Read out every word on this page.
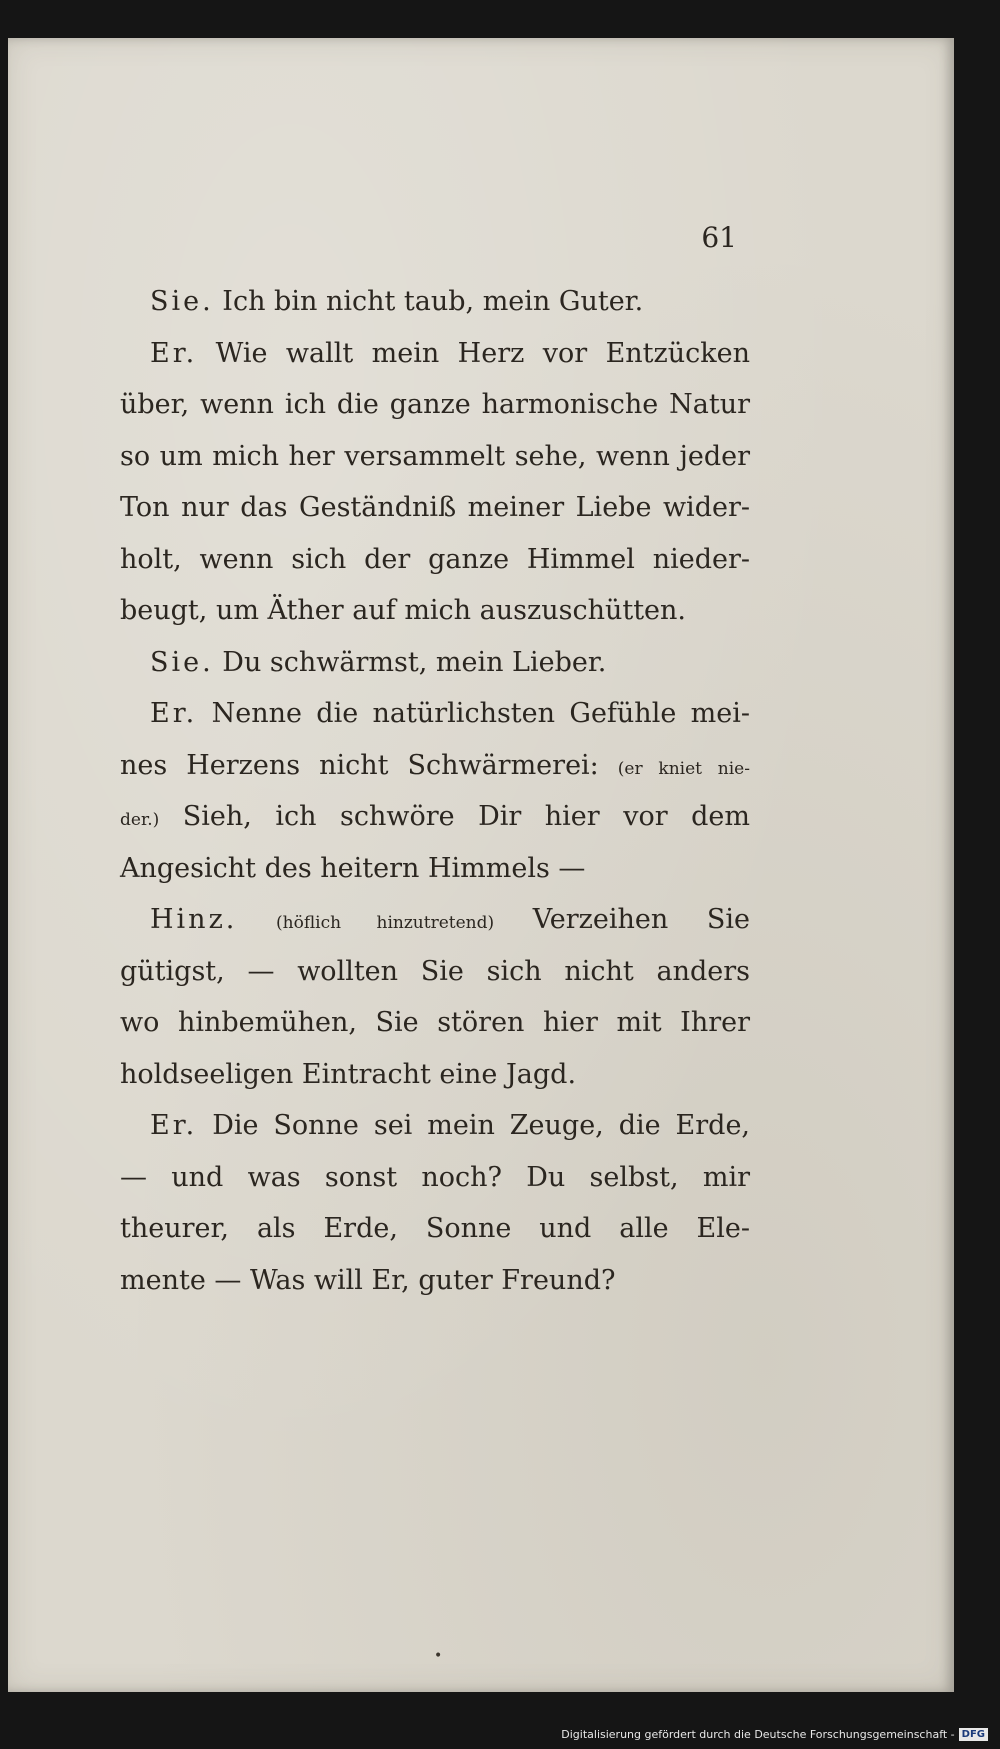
61
Sie. Ich bin nicht taub, mein Guter.
Er. Wie wallt mein Herz vor Entzücken
über, wenn ich die ganze harmonische Natur
so um mich her versammelt sehe, wenn jeder
Ton nur das Geständniß meiner Liebe wider-
holt, wenn sich der ganze Himmel nieder-
beugt, um Äther auf mich auszuschütten.
Sie. Du schwärmst, mein Lieber.
Er. Nenne die natürlichsten Gefühle mei-
nes Herzens nicht Schwärmerei: (er kniet nie-
der.) Sieh, ich schwöre Dir hier vor dem
Angesicht des heitern Himmels —
Hinz. (höflich hinzutretend) Verzeihen Sie
gütigst, — wollten Sie sich nicht anders
wo hinbemühen, Sie stören hier mit Ihrer
holdseeligen Eintracht eine Jagd.
Er. Die Sonne sei mein Zeuge, die Erde,
— und was sonst noch? Du selbst, mir
theurer, als Erde, Sonne und alle Ele-
mente — Was will Er, guter Freund?
•
Digitalisierung gefördert durch die Deutsche Forschungsgemeinschaft - DFG
